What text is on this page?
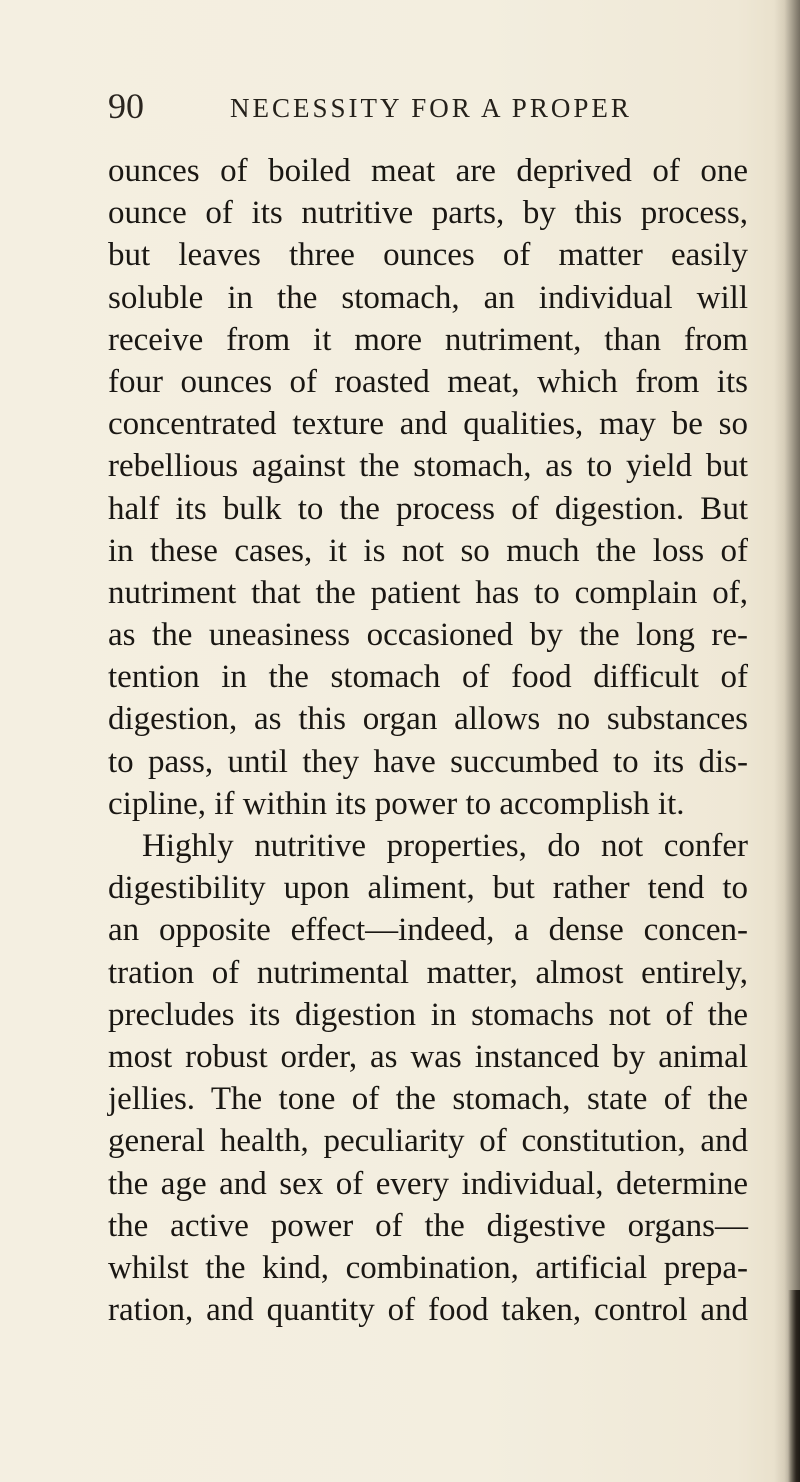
90	NECESSITY FOR A PROPER
ounces of boiled meat are deprived of one
ounce of its nutritive parts, by this process,
but leaves three ounces of matter easily
soluble in the stomach, an individual will
receive from it more nutriment, than from
four ounces of roasted meat, which from its
concentrated texture and qualities, may be so
rebellious against the stomach, as to yield but
half its bulk to the process of digestion. But
in these cases, it is not so much the loss of
nutriment that the patient has to complain of,
as the uneasiness occasioned by the long re-
tention in the stomach of food difficult of
digestion, as this organ allows no substances
to pass, until they have succumbed to its dis-
cipline, if within its power to accomplish it.
Highly nutritive properties, do not confer
digestibility upon aliment, but rather tend to
an opposite effect—indeed, a dense concen-
tration of nutrimental matter, almost entirely,
precludes its digestion in stomachs not of the
most robust order, as was instanced by animal
jellies. The tone of the stomach, state of the
general health, peculiarity of constitution, and
the age and sex of every individual, determine
the active power of the digestive organs—
whilst the kind, combination, artificial prepa-
ration, and quantity of food taken, control and
